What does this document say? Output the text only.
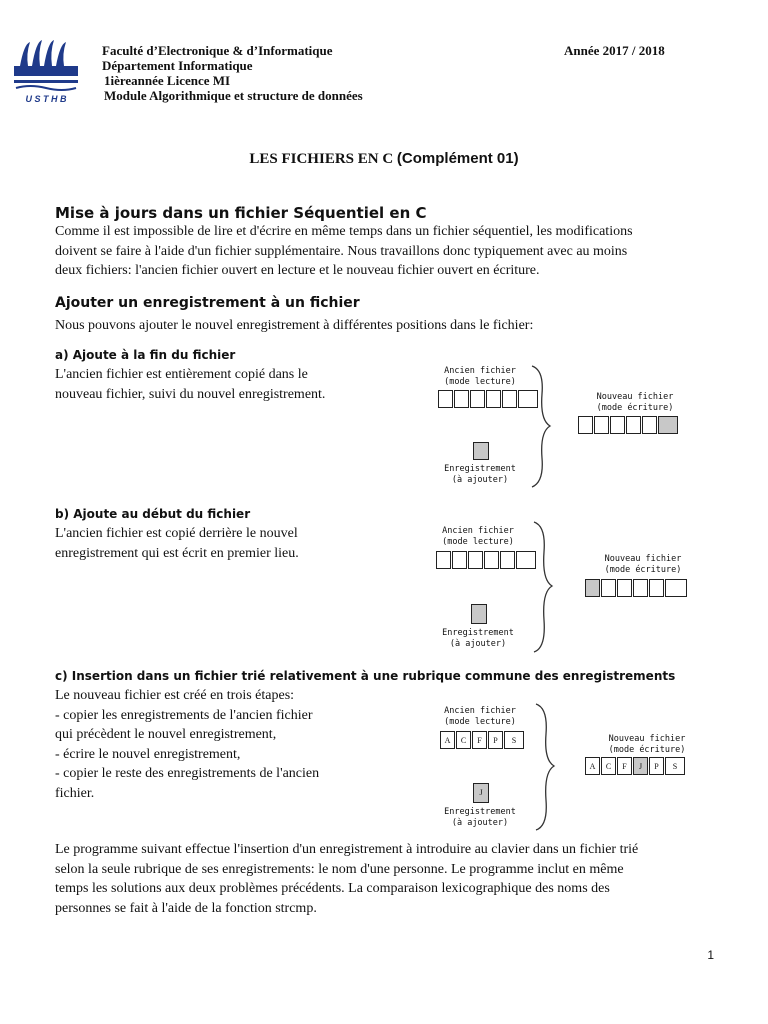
U S T H B
Faculté d’Electronique & d’Informatique
Département Informatique
1ièreannée Licence MI
Module Algorithmique et structure de données
Année 2017 / 2018
LES FICHIERS EN C (Complément 01)
Mise à jours dans un fichier Séquentiel en C
Comme il est impossible de lire et d'écrire en même temps dans un fichier séquentiel, les modifications
doivent se faire à l'aide d'un fichier supplémentaire. Nous travaillons donc typiquement avec au moins
deux fichiers: l'ancien fichier ouvert en lecture et le nouveau fichier ouvert en écriture.
Ajouter un enregistrement à un fichier
Nous pouvons ajouter le nouvel enregistrement à différentes positions dans le fichier:
a) Ajoute à la fin du fichier
L'ancien fichier est entièrement copié dans le
nouveau fichier, suivi du nouvel enregistrement.
Ancien fichier
(mode lecture)
Enregistrement
(à ajouter)
Nouveau fichier
(mode écriture)
b) Ajoute au début du fichier
L'ancien fichier est copié derrière le nouvel
enregistrement qui est écrit en premier lieu.
Ancien fichier
(mode lecture)
Enregistrement
(à ajouter)
Nouveau fichier
(mode écriture)
c) Insertion dans un fichier trié relativement à une rubrique commune des enregistrements
Le nouveau fichier est créé en trois étapes:
- copier les enregistrements de l'ancien fichier
qui précèdent le nouvel enregistrement,
- écrire le nouvel enregistrement,
- copier le reste des enregistrements de l'ancien
fichier.
Ancien fichier
(mode lecture)
A	C	F	P	S
J
Enregistrement
(à ajouter)
Nouveau fichier
(mode écriture)
A	C	F	J	P	S
Le programme suivant effectue l'insertion d'un enregistrement à introduire au clavier dans un fichier trié
selon la seule rubrique de ses enregistrements: le nom d'une personne. Le programme inclut en même
temps les solutions aux deux problèmes précédents. La comparaison lexicographique des noms des
personnes se fait à l'aide de la fonction strcmp.
1
